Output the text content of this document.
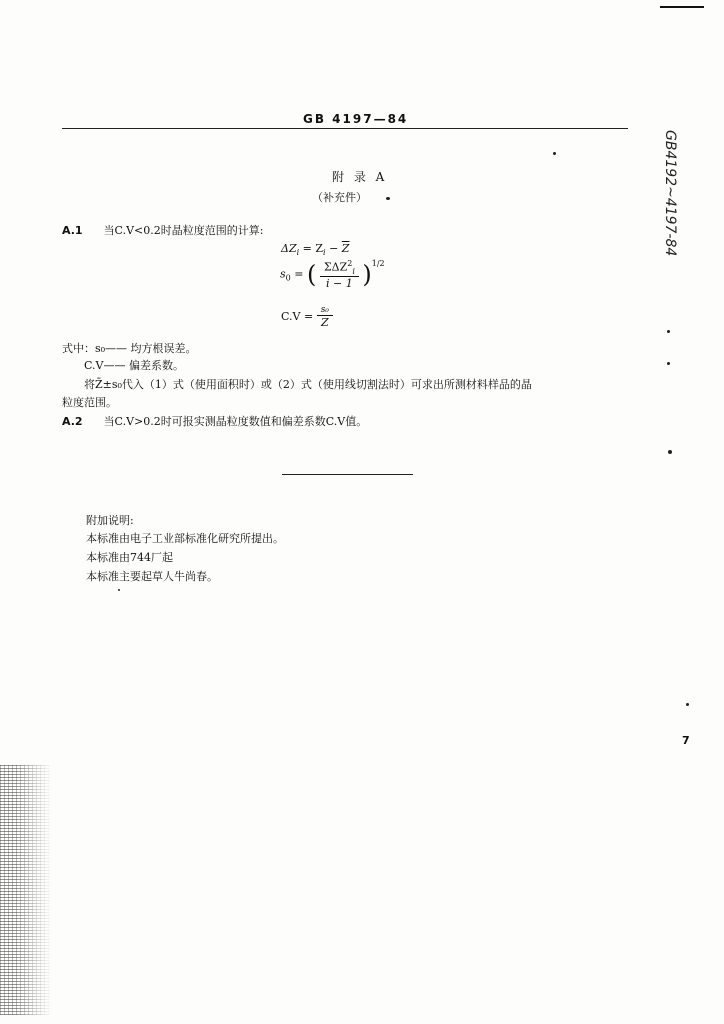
GB 4197—84
GB4192~4197-84
附 录 A
（补充件）
A.1 当C.V<0.2时晶粒度范围的计算:
$\Delta Z_i = Z_i - \overline{Z}$
$s_0$ = ( $\frac{\Sigma\Delta Z^2_i}{i - 1} )^{1/2}$
$C.V = \frac{\text{s₀}}{Z}$
式中：s₀—— 均方根误差。
C.V—— 偏差系数。
将Z̄±s₀代入（1）式（使用面积时）或（2）式（使用线切割法时）可求出所测材料样品的晶
粒度范围。
A.2 当C.V>0.2时可报实测晶粒度数值和偏差系数C.V值。
附加说明:
本标准由电子工业部标准化研究所提出。
本标准由744厂起
本标准主要起草人牛尚春。
7
